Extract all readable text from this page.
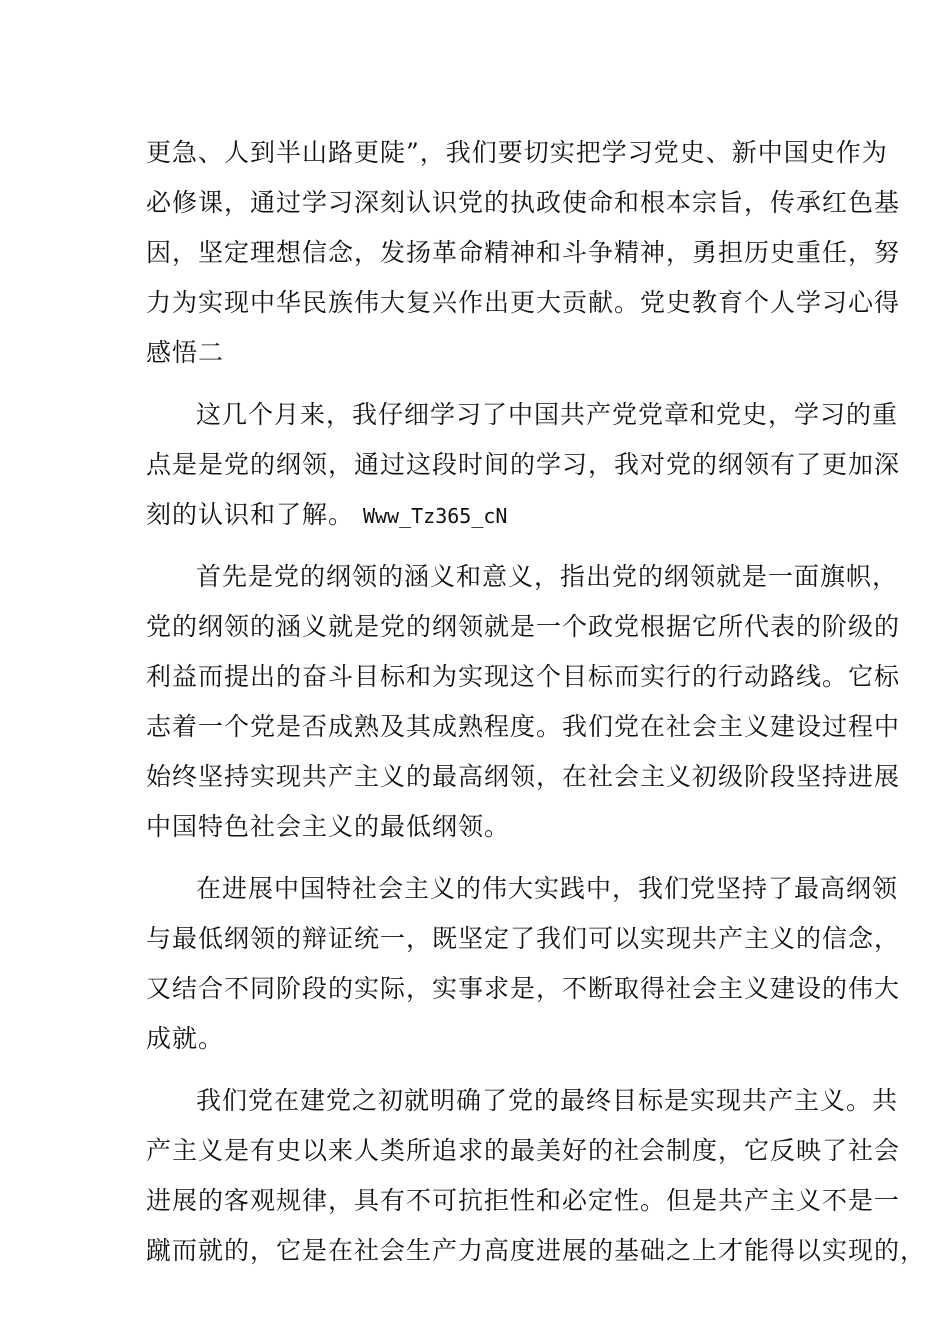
更急、人到半山路更陡”，我们要切实把学习党史、新中国史作为
必修课，通过学习深刻认识党的执政使命和根本宗旨，传承红色基
因，坚定理想信念，发扬革命精神和斗争精神，勇担历史重任，努
力为实现中华民族伟大复兴作出更大贡献。党史教育个人学习心得
感悟二
这几个月来，我仔细学习了中国共产党党章和党史，学习的重
点是是党的纲领，通过这段时间的学习，我对党的纲领有了更加深
刻的认识和了解。 Www_Tz365_cN
首先是党的纲领的涵义和意义，指出党的纲领就是一面旗帜，
党的纲领的涵义就是党的纲领就是一个政党根据它所代表的阶级的
利益而提出的奋斗目标和为实现这个目标而实行的行动路线。它标
志着一个党是否成熟及其成熟程度。我们党在社会主义建设过程中
始终坚持实现共产主义的最高纲领，在社会主义初级阶段坚持进展
中国特色社会主义的最低纲领。
在进展中国特社会主义的伟大实践中，我们党坚持了最高纲领
与最低纲领的辩证统一，既坚定了我们可以实现共产主义的信念，
又结合不同阶段的实际，实事求是，不断取得社会主义建设的伟大
成就。
我们党在建党之初就明确了党的最终目标是实现共产主义。共
产主义是有史以来人类所追求的最美好的社会制度，它反映了社会
进展的客观规律，具有不可抗拒性和必定性。但是共产主义不是一
蹴而就的，它是在社会生产力高度进展的基础之上才能得以实现的，
